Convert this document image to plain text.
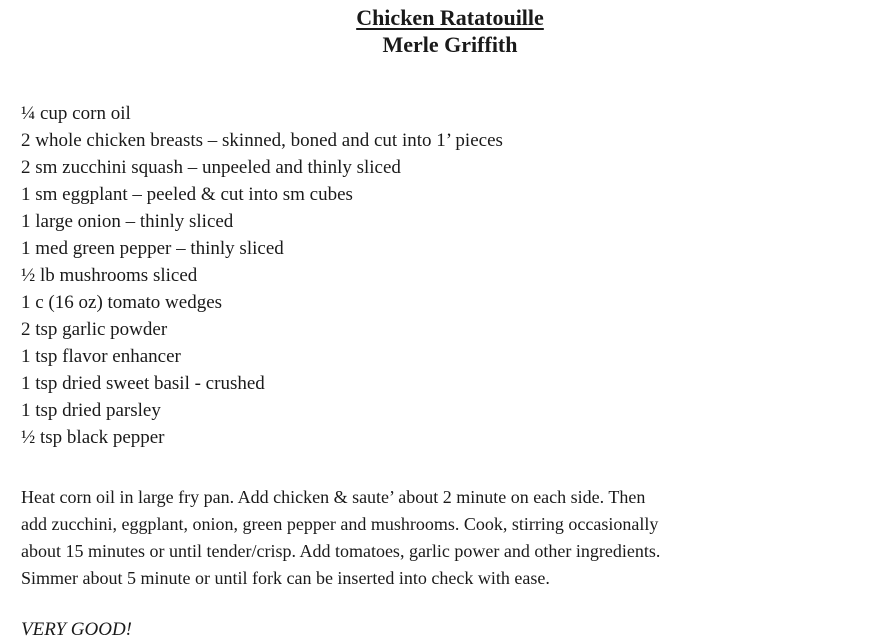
Chicken Ratatouille
Merle Griffith
¼ cup corn oil
2 whole chicken breasts – skinned, boned and cut into 1’ pieces
2 sm zucchini squash – unpeeled and thinly sliced
1 sm eggplant – peeled & cut into sm cubes
1 large onion – thinly sliced
1 med green pepper – thinly sliced
½ lb mushrooms sliced
1 c (16 oz) tomato wedges
2 tsp garlic powder
1 tsp flavor enhancer
1 tsp dried sweet basil - crushed
1 tsp dried parsley
½ tsp black pepper

Heat corn oil in large fry pan. Add chicken & saute’ about 2 minute on each side. Then
add zucchini, eggplant, onion, green pepper and mushrooms. Cook, stirring occasionally
about 15 minutes or until tender/crisp. Add tomatoes, garlic power and other ingredients.
Simmer about 5 minute or until fork can be inserted into check with ease.

VERY GOOD!
